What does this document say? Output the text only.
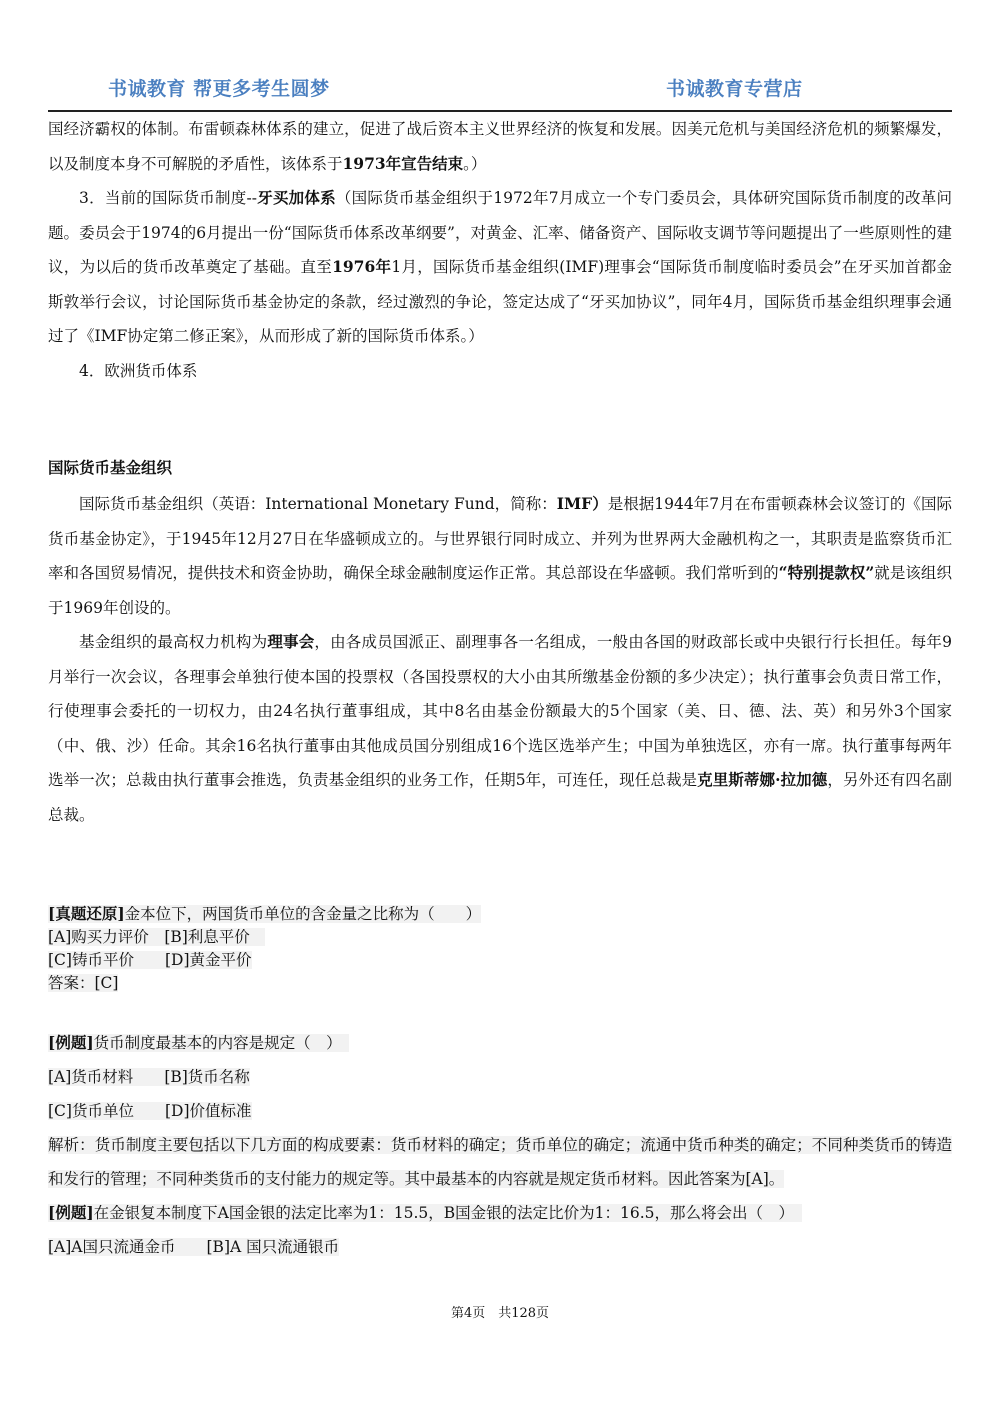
书诚教育 帮更多考生圆梦	书诚教育专营店

国经济霸权的体制。布雷顿森林体系的建立，促进了战后资本主义世界经济的恢复和发展。因美元危机与美国经济危机的频繁爆发，以及制度本身不可解脱的矛盾性，该体系于1973年宣告结束。）

3．当前的国际货币制度--牙买加体系（国际货币基金组织于1972年7月成立一个专门委员会，具体研究国际货币制度的改革问题。委员会于1974的6月提出一份“国际货币体系改革纲要”，对黄金、汇率、储备资产、国际收支调节等问题提出了一些原则性的建议，为以后的货币改革奠定了基础。直至1976年1月，国际货币基金组织(IMF)理事会“国际货币制度临时委员会”在牙买加首都金斯敦举行会议，讨论国际货币基金协定的条款，经过激烈的争论，签定达成了“牙买加协议”，同年4月，国际货币基金组织理事会通过了《IMF协定第二修正案》，从而形成了新的国际货币体系。）

4．欧洲货币体系

国际货币基金组织

国际货币基金组织（英语：International Monetary Fund，简称：IMF）是根据1944年7月在布雷顿森林会议签订的《国际货币基金协定》，于1945年12月27日在华盛顿成立的。与世界银行同时成立、并列为世界两大金融机构之一，其职责是监察货币汇率和各国贸易情况，提供技术和资金协助，确保全球金融制度运作正常。其总部设在华盛顿。我们常听到的“特别提款权”就是该组织于1969年创设的。

基金组织的最高权力机构为理事会，由各成员国派正、副理事各一名组成，一般由各国的财政部长或中央银行行长担任。每年9月举行一次会议，各理事会单独行使本国的投票权（各国投票权的大小由其所缴基金份额的多少决定）；执行董事会负责日常工作，行使理事会委托的一切权力，由24名执行董事组成，其中8名由基金份额最大的5个国家（美、日、德、法、英）和另外3个国家（中、俄、沙）任命。其余16名执行董事由其他成员国分别组成16个选区选举产生；中国为单独选区，亦有一席。执行董事每两年选举一次；总裁由执行董事会推选，负责基金组织的业务工作，任期5年，可连任，现任总裁是克里斯蒂娜·拉加德，另外还有四名副总裁。

[真题还原]金本位下，两国货币单位的含金量之比称为（　　）
[A]购买力评价　 [B]利息平价　
[C]铸币平价　　 [D]黄金平价
答案：[C]
[例题]货币制度最基本的内容是规定（　）　
[A]货币材料　　 [B]货币名称
[C]货币单位　　 [D]价值标准
解析：货币制度主要包括以下几方面的构成要素：货币材料的确定；货币单位的确定；流通中货币种类的确定；不同种类货币的铸造和发行的管理；不同种类货币的支付能力的规定等。其中最基本的内容就是规定货币材料。因此答案为[A]。
[例题]在金银复本制度下A国金银的法定比率为1：15.5，B国金银的法定比价为1：16.5，那么将会出（　）　
[A]A国只流通金币　　 [B]A 国只流通银币
第4页　共128页
